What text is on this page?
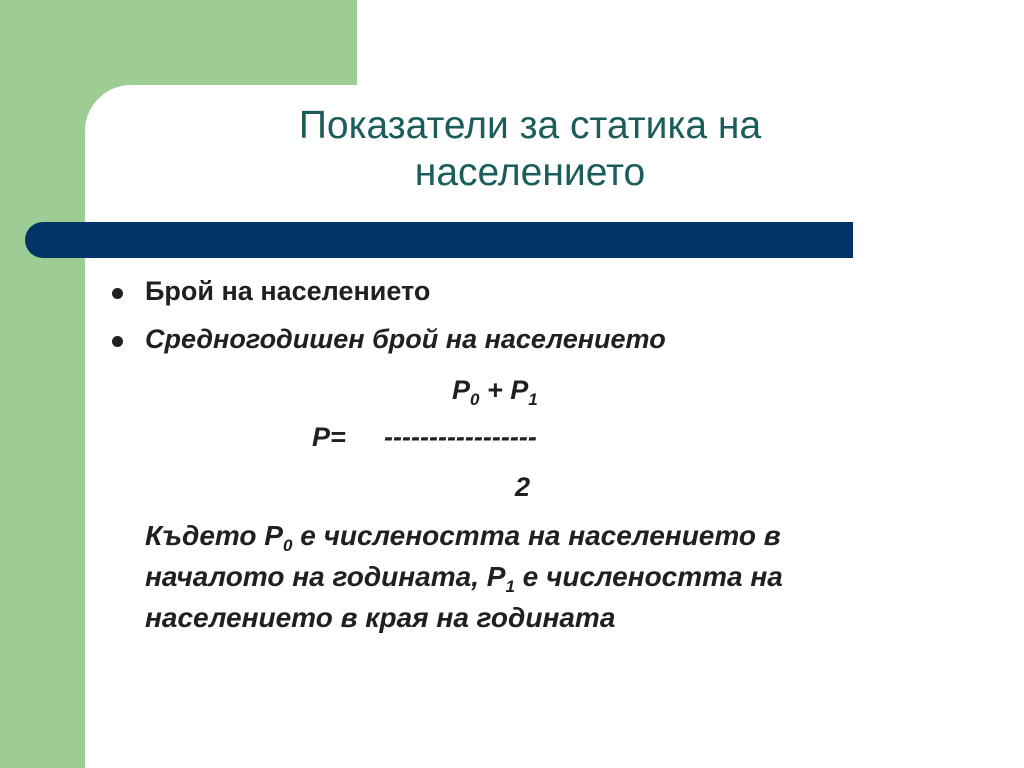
Показатели за статика на
населението
Брой на населението
Средногодишен брой на населението
$P_0 + P_1$
P= -----------------
2
Където $P_0$ е числеността на населението в
началото на годината, $P_1$ е числеността на
населението в края на годината
